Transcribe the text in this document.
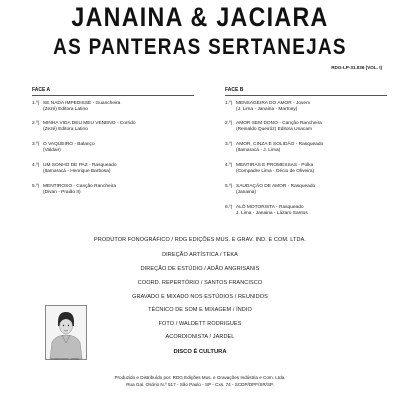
JANAINA & JACIARA
AS PANTERAS SERTANEJAS
RDG-LP-31.036 (VOL. I)
FACE A	FACE B
1.º) SE NADA IMPEDISSE - Guancheira
(Zezé) Editora Latino
2.º) MINHA VIDA DEU MEU VENENO - Corrido
(Zezé) Editora Latino
3.º) O VAQUEIRO - Balanço
(Valdair)
4.º) UM SONHO DE PAZ - Rasqueado
(Itamaracá - Henrique Barbosa)
5.º) MENTIROSO - Canção Rancheira
(Divan - Praião II)
1.º) MENSAGEIRA DO AMOR - Jovem
(J. Lima - Janaina - Martney)
2.º) AMOR SEM DONO - Canção Rancheira
(Reinaldo Queiróz) Editora Unacam
3.º) AMOR, CINZA E SOLIDÃO - Rasqueado
(Itamaracá - J. Lima)
4.º) MENTIRAS E PROMESSAS - Polka
(Compadre Lima - Décio de Oliveira)
5.º) SAUDAÇÃO DE AMOR - Rasqueado
(Janaina)
6.º) ALÔ MOTORISTA - Rasqueado
J. Lima - Janaina - Lázaro Santos
PRODUTOR FONOGRÁFICO / RDG EDIÇÕES MUS. E GRAV. IND. E COM. LTDA.
DIREÇÃO ARTÍSTICA / TEKA
DIREÇÃO DE ESTÚDIO / ADÃO ANGRISANIS
COORD. REPERTÓRIO / SANTOS FRANCISCO
GRAVADO E MIXADO NOS ESTÚDIOS / REUNIDOS
TÉCNICO DE SOM E MIXAGEM / ÍNDIO
FOTO / WALDETT RODRIGUES
ACORDIONISTA / JARDEL
ACORDIONISTA - JARDEL
DISCO É CULTURA
Produzido e Distribuído por: RDG Edições Mus. e Gravações Indústria e Com. Ltda.
Rua Gal. Osório N.º 517 - São Paulo - SP - Cxs. 74 - SCDP/DPF/SR/SP.
